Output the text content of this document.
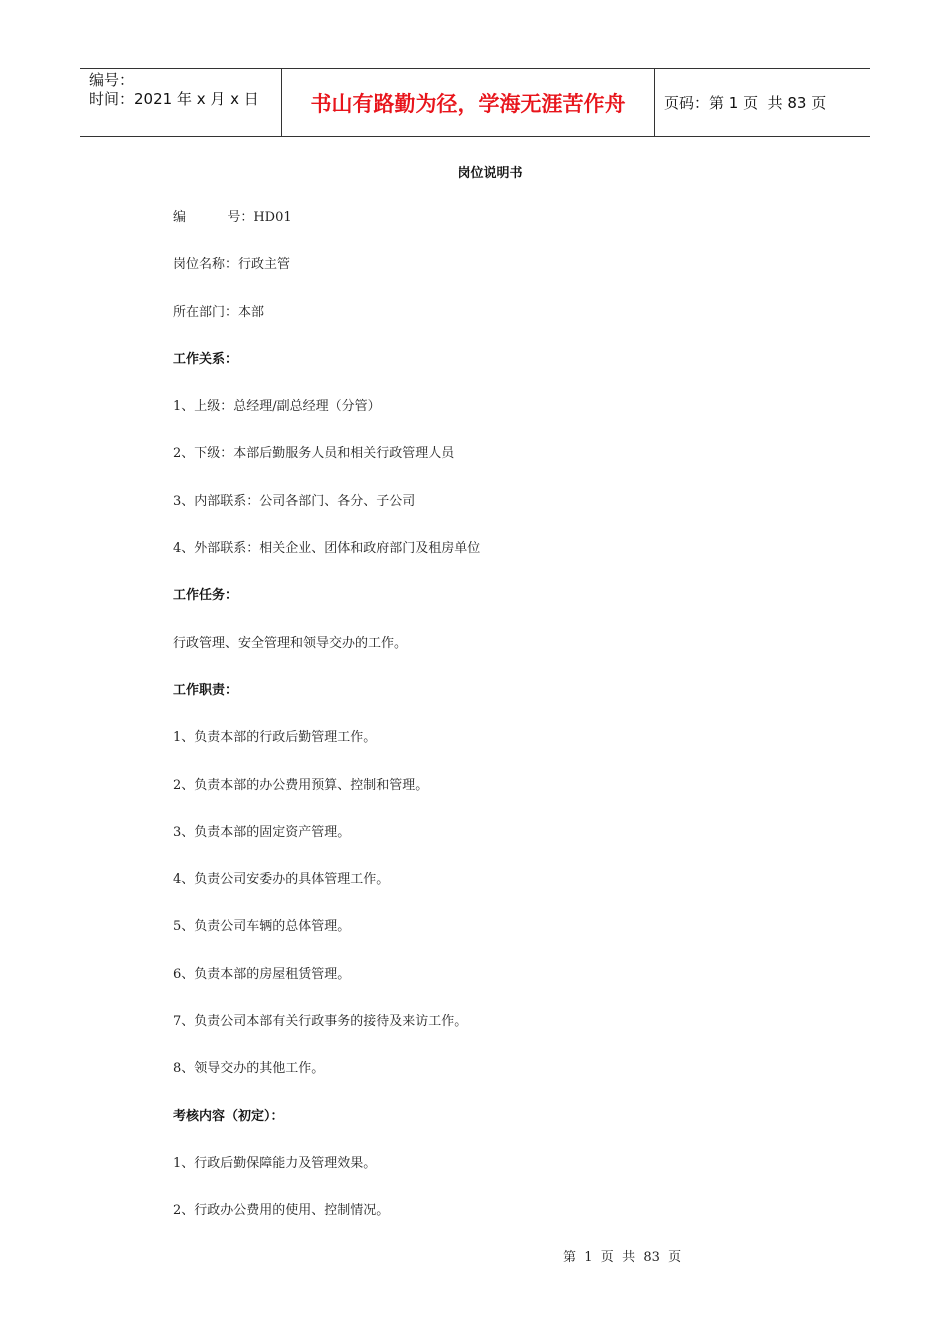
编号：
时间：2021 年 x 月 x 日	书山有路勤为径，学海无涯苦作舟	页码：第 1 页  共 83 页
岗位说明书
编          号：HD01
岗位名称：行政主管
所在部门：本部
工作关系：
1、上级：总经理/副总经理（分管）
2、下级：本部后勤服务人员和相关行政管理人员
3、内部联系：公司各部门、各分、子公司
4、外部联系：相关企业、团体和政府部门及租房单位
工作任务：
行政管理、安全管理和领导交办的工作。
工作职责：
1、负责本部的行政后勤管理工作。
2、负责本部的办公费用预算、控制和管理。
3、负责本部的固定资产管理。
4、负责公司安委办的具体管理工作。
5、负责公司车辆的总体管理。
6、负责本部的房屋租赁管理。
7、负责公司本部有关行政事务的接待及来访工作。
8、领导交办的其他工作。
考核内容（初定）：
1、行政后勤保障能力及管理效果。
2、行政办公费用的使用、控制情况。
第  1  页  共  83  页
